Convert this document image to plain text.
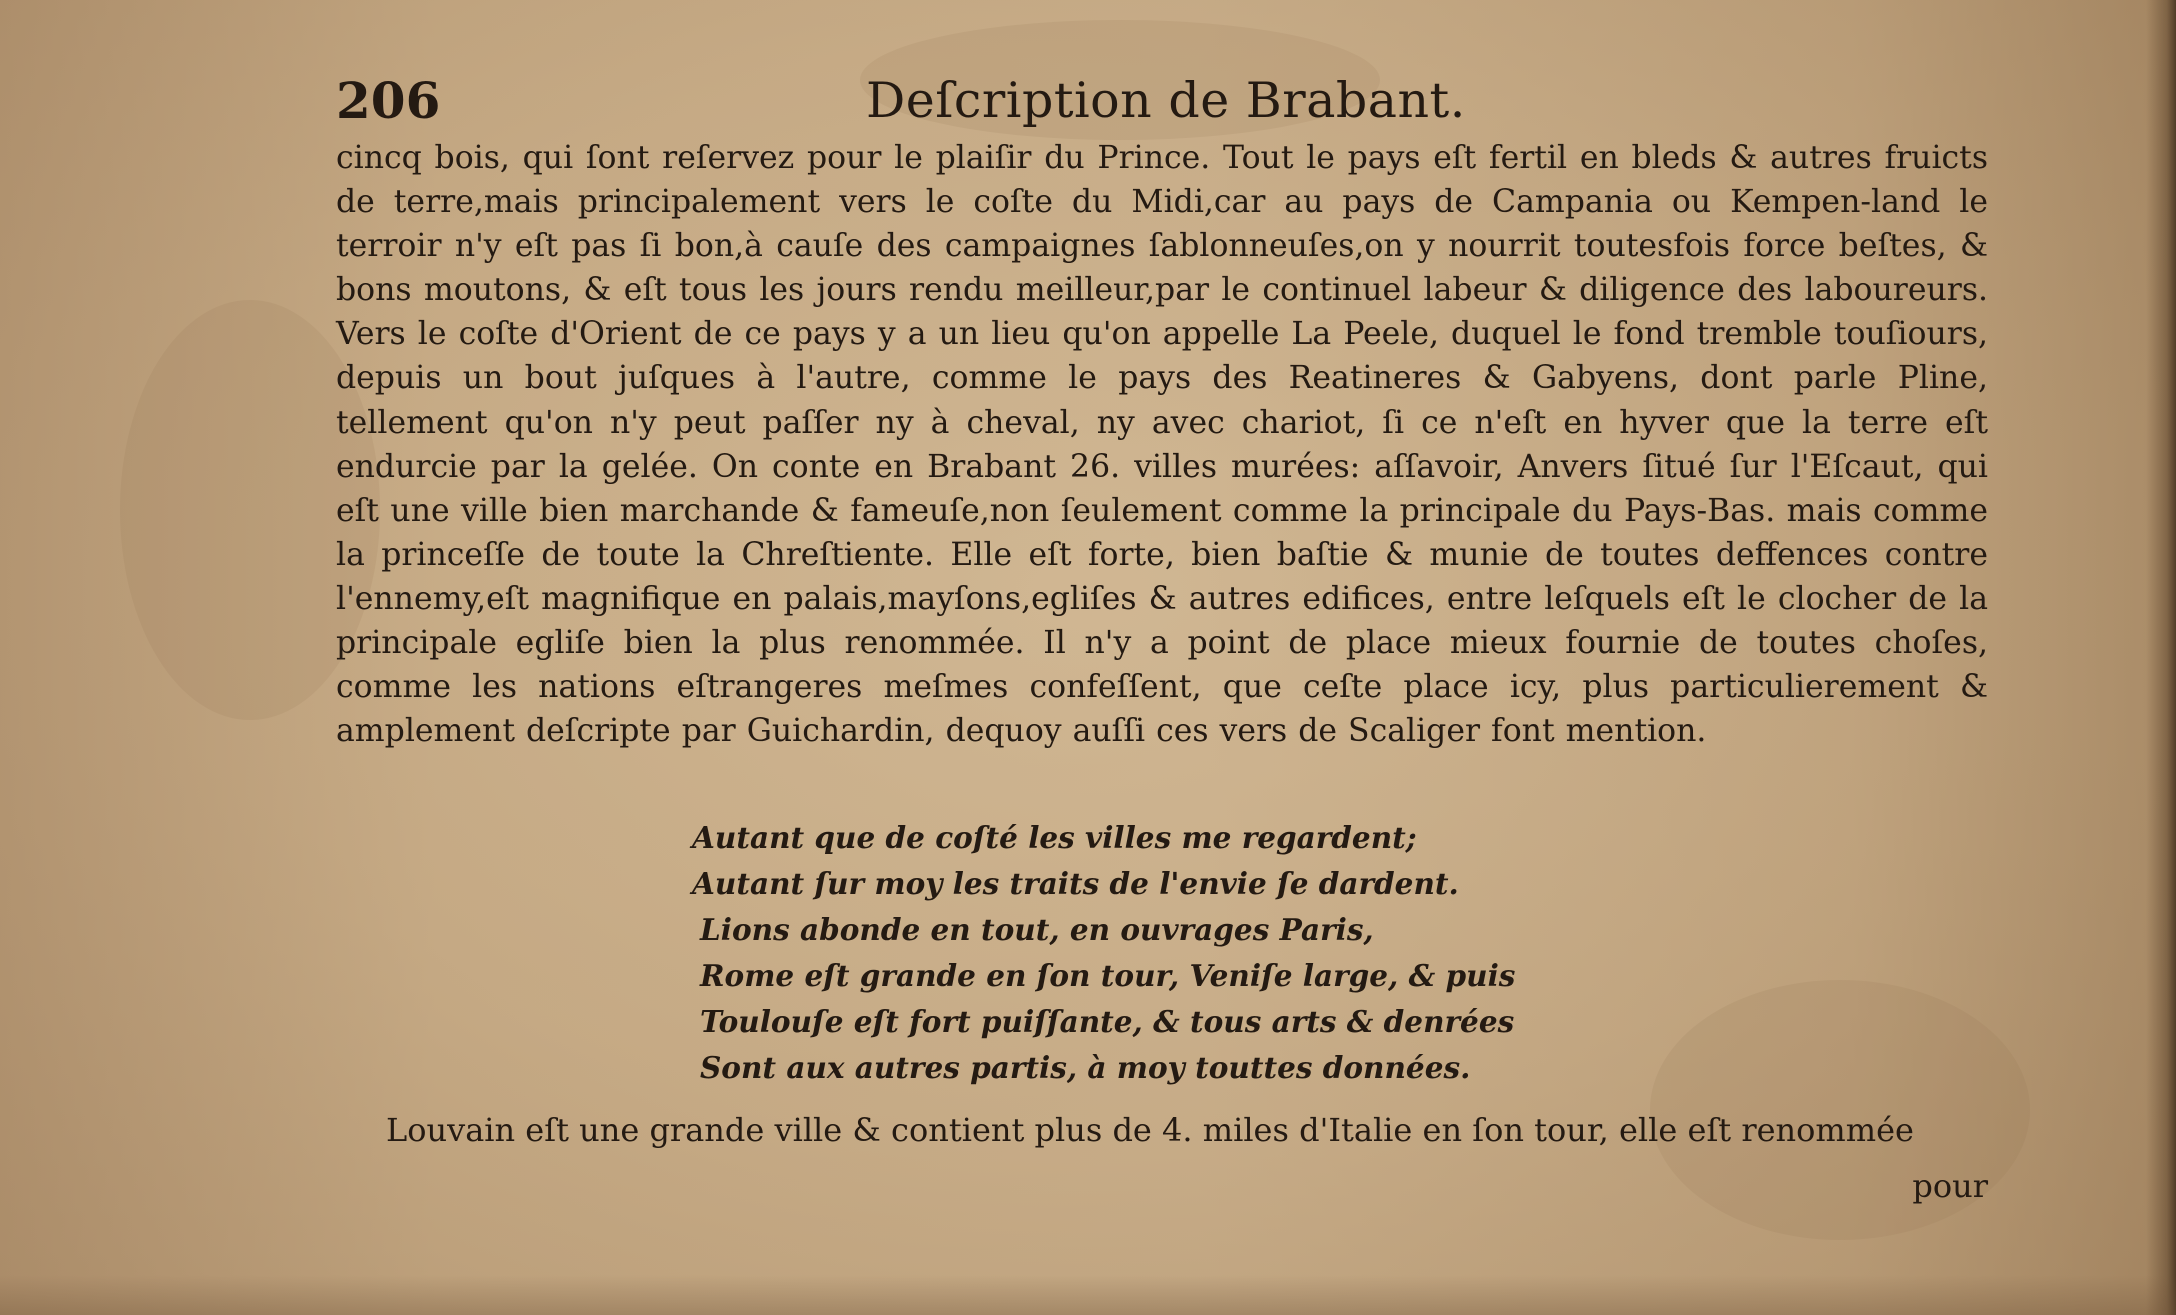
206	Deſcription de Brabant.

cincq bois, qui ſont reſervez pour le plaiſir du Prince. Tout le pays eſt fertil en bleds & autres fruicts de terre,mais principalement vers le coſte du Midi,car au pays de Campania ou Kempen-land le terroir n'y eſt pas ſi bon,à cauſe des campaignes ſablonneuſes,on y nourrit toutesfois force beſtes, & bons moutons, & eſt tous les jours rendu meilleur,par le continuel labeur & diligence des laboureurs. Vers le coſte d'Orient de ce pays y a un lieu qu'on appelle La Peele, duquel le fond tremble touſiours, depuis un bout juſques à l'autre, comme le pays des Reatineres & Gabyens, dont parle Pline, tellement qu'on n'y peut paſſer ny à cheval, ny avec chariot, ſi ce n'eſt en hyver que la terre eſt endurcie par la gelée. On conte en Brabant 26. villes murées: aſſavoir, Anvers ſitué ſur l'Eſcaut, qui eſt une ville bien marchande & fameuſe,non ſeulement comme la principale du Pays-Bas. mais comme la princeſſe de toute la Chreſtiente. Elle eſt forte, bien baſtie & munie de toutes deffences contre l'ennemy,eſt magnifique en palais,mayſons,egliſes & autres edifices, entre leſquels eſt le clocher de la principale egliſe bien la plus renommée. Il n'y a point de place mieux fournie de toutes choſes, comme les nations eſtrangeres meſmes confeſſent, que ceſte place icy, plus particulierement & amplement deſcripte par Guichardin, dequoy auſſi ces vers de Scaliger font mention.

Autant que de coſté les villes me regardent;
Autant ſur moy les traits de l'envie ſe dardent.
Lions abonde en tout, en ouvrages Paris,
Rome eſt grande en ſon tour, Veniſe large, & puis
Toulouſe eſt fort puiſſante, & tous arts & denrées
Sont aux autres partis, à moy touttes données.

Louvain eſt une grande ville & contient plus de 4. miles d'Italie en ſon tour, elle eſt renommée

pour
